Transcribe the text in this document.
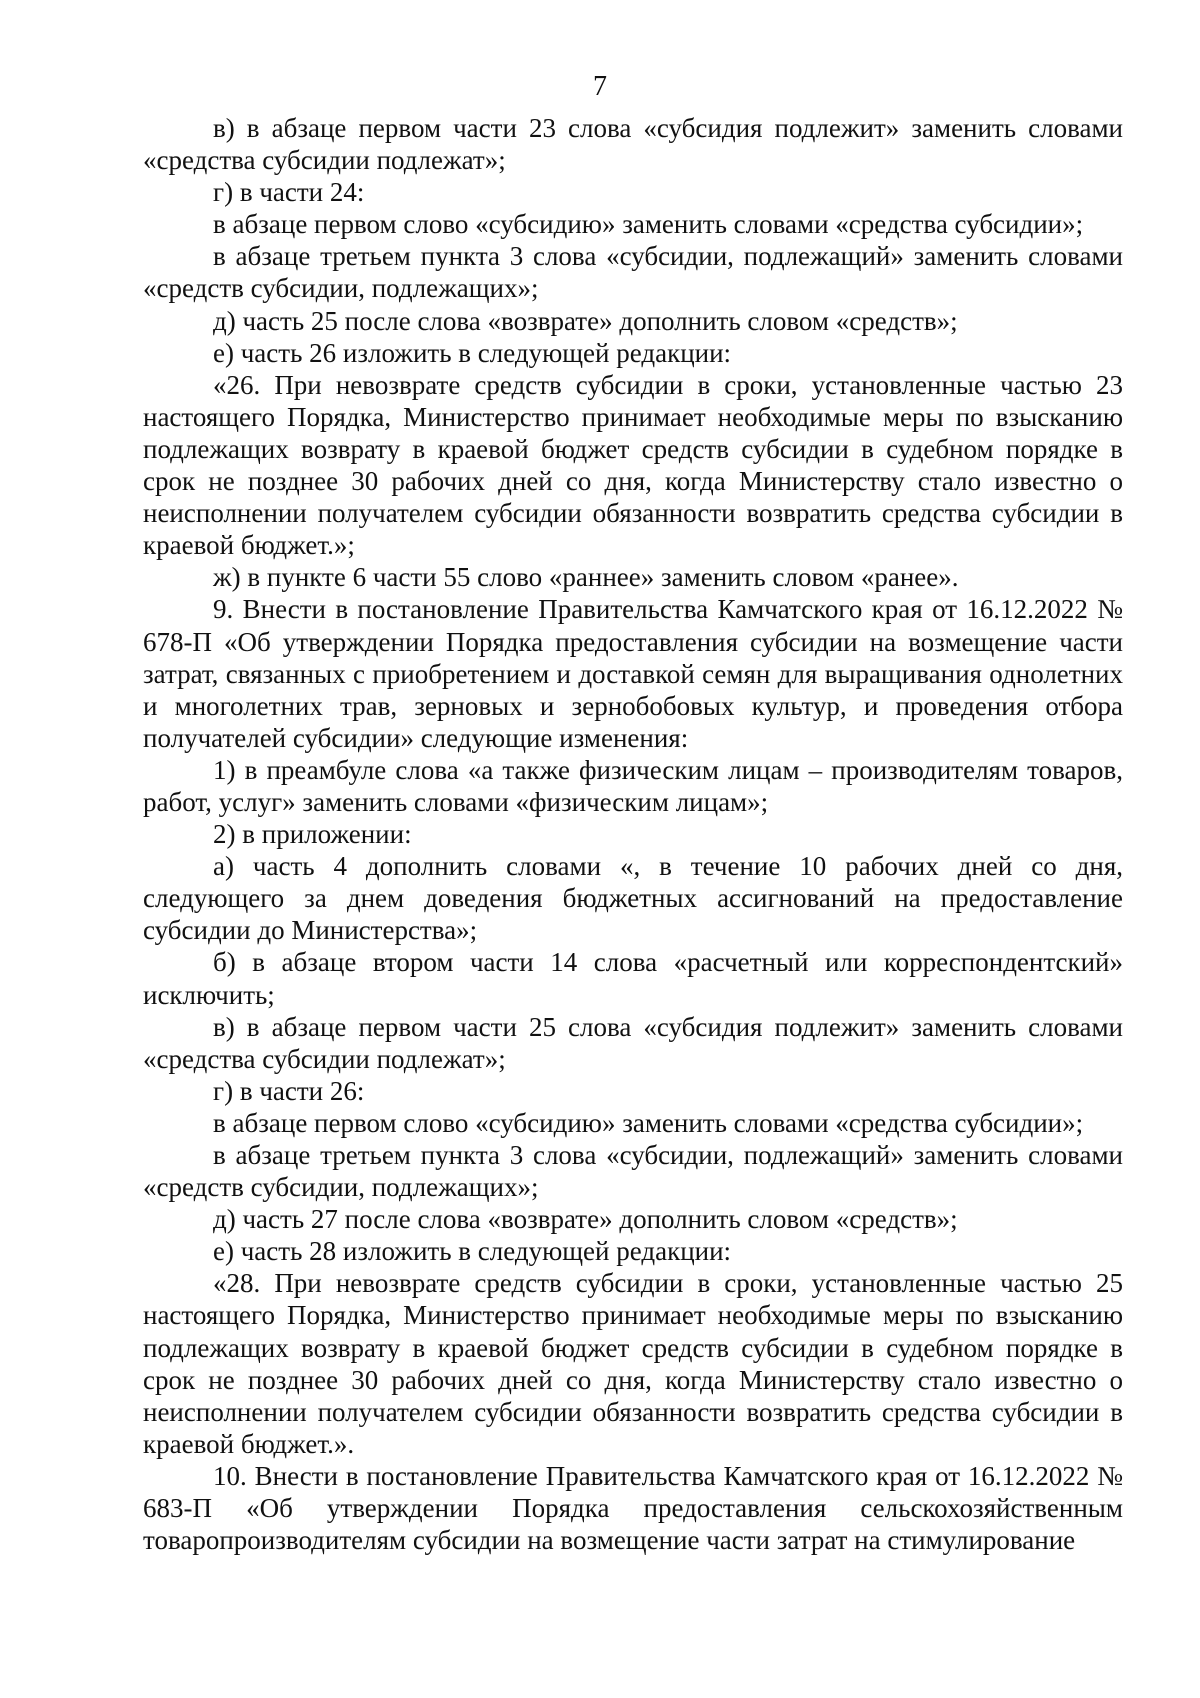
7

в) в абзаце первом части 23 слова «субсидия подлежит» заменить словами «средства субсидии подлежат»;

г) в части 24:

в абзаце первом слово «субсидию» заменить словами «средства субсидии»;

в абзаце третьем пункта 3 слова «субсидии, подлежащий» заменить словами «средств субсидии, подлежащих»;

д) часть 25 после слова «возврате» дополнить словом «средств»;

е) часть 26 изложить в следующей редакции:

«26. При невозврате средств субсидии в сроки, установленные частью 23 настоящего Порядка, Министерство принимает необходимые меры по взысканию подлежащих возврату в краевой бюджет средств субсидии в судебном порядке в срок не позднее 30 рабочих дней со дня, когда Министерству стало известно о неисполнении получателем субсидии обязанности возвратить средства субсидии в краевой бюджет.»;

ж) в пункте 6 части 55 слово «раннее» заменить словом «ранее».

9. Внести в постановление Правительства Камчатского края от 16.12.2022 № 678-П «Об утверждении Порядка предоставления субсидии на возмещение части затрат, связанных с приобретением и доставкой семян для выращивания однолетних и многолетних трав, зерновых и зернобобовых культур, и проведения отбора получателей субсидии» следующие изменения:

1) в преамбуле слова «а также физическим лицам – производителям товаров, работ, услуг» заменить словами «физическим лицам»;

2) в приложении:

а) часть 4 дополнить словами «, в течение 10 рабочих дней со дня, следующего за днем доведения бюджетных ассигнований на предоставление субсидии до Министерства»;

б) в абзаце втором части 14 слова «расчетный или корреспондентский» исключить;

в) в абзаце первом части 25 слова «субсидия подлежит» заменить словами «средства субсидии подлежат»;

г) в части 26:

в абзаце первом слово «субсидию» заменить словами «средства субсидии»;

в абзаце третьем пункта 3 слова «субсидии, подлежащий» заменить словами «средств субсидии, подлежащих»;

д) часть 27 после слова «возврате» дополнить словом «средств»;

е) часть 28 изложить в следующей редакции:

«28. При невозврате средств субсидии в сроки, установленные частью 25 настоящего Порядка, Министерство принимает необходимые меры по взысканию подлежащих возврату в краевой бюджет средств субсидии в судебном порядке в срок не позднее 30 рабочих дней со дня, когда Министерству стало известно о неисполнении получателем субсидии обязанности возвратить средства субсидии в краевой бюджет.».

10. Внести в постановление Правительства Камчатского края от 16.12.2022 № 683-П «Об утверждении Порядка предоставления сельскохозяйственным товаропроизводителям субсидии на возмещение части затрат на стимулирование
